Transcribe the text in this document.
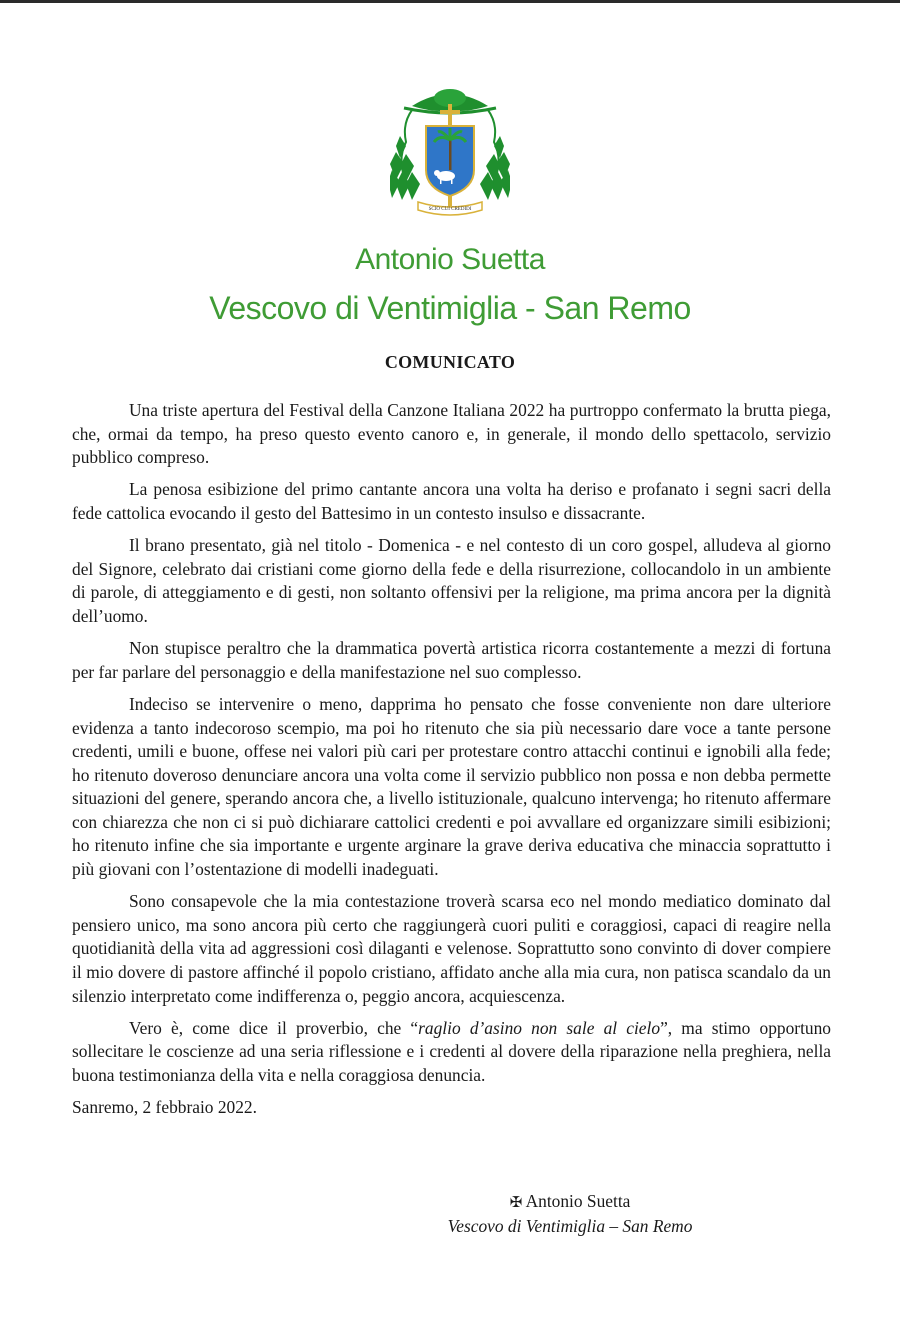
SCIO CUI CREDIDI
Antonio Suetta
Vescovo di Ventimiglia - San Remo
COMUNICATO

Una triste apertura del Festival della Canzone Italiana 2022 ha purtroppo confermato la brutta piega, che, ormai da tempo, ha preso questo evento canoro e, in generale, il mondo dello spettacolo, servizio pubblico compreso.

La penosa esibizione del primo cantante ancora una volta ha deriso e profanato i segni sacri della fede cattolica evocando il gesto del Battesimo in un contesto insulso e dissacrante.

Il brano presentato, già nel titolo - Domenica - e nel contesto di un coro gospel, alludeva al giorno del Signore, celebrato dai cristiani come giorno della fede e della risurrezione, collocandolo in un ambiente di parole, di atteggiamento e di gesti, non soltanto offensivi per la religione, ma prima ancora per la dignità dell’uomo.

Non stupisce peraltro che la drammatica povertà artistica ricorra costantemente a mezzi di fortuna per far parlare del personaggio e della manifestazione nel suo complesso.

Indeciso se intervenire o meno, dapprima ho pensato che fosse conveniente non dare ulteriore evidenza a tanto indecoroso scempio, ma poi ho ritenuto che sia più necessario dare voce a tante persone credenti, umili e buone, offese nei valori più cari per protestare contro attacchi continui e ignobili alla fede; ho ritenuto doveroso denunciare ancora una volta come il servizio pubblico non possa e non debba permette situazioni del genere, sperando ancora che, a livello istituzionale, qualcuno intervenga; ho ritenuto affermare con chiarezza che non ci si può dichiarare cattolici credenti e poi avvallare ed organizzare simili esibizioni; ho ritenuto infine che sia importante e urgente arginare la grave deriva educativa che minaccia soprattutto i più giovani con l’ostentazione di modelli inadeguati.

Sono consapevole che la mia contestazione troverà scarsa eco nel mondo mediatico dominato dal pensiero unico, ma sono ancora più certo che raggiungerà cuori puliti e coraggiosi, capaci di reagire nella quotidianità della vita ad aggressioni così dilaganti e velenose. Soprattutto sono convinto di dover compiere il mio dovere di pastore affinché il popolo cristiano, affidato anche alla mia cura, non patisca scandalo da un silenzio interpretato come indifferenza o, peggio ancora, acquiescenza.

Vero è, come dice il proverbio, che “raglio d’asino non sale al cielo”, ma stimo opportuno sollecitare le coscienze ad una seria riflessione e i credenti al dovere della riparazione nella preghiera, nella buona testimonianza della vita e nella coraggiosa denuncia.

Sanremo, 2 febbraio 2022.

✠ Antonio Suetta
Vescovo di Ventimiglia – San Remo
